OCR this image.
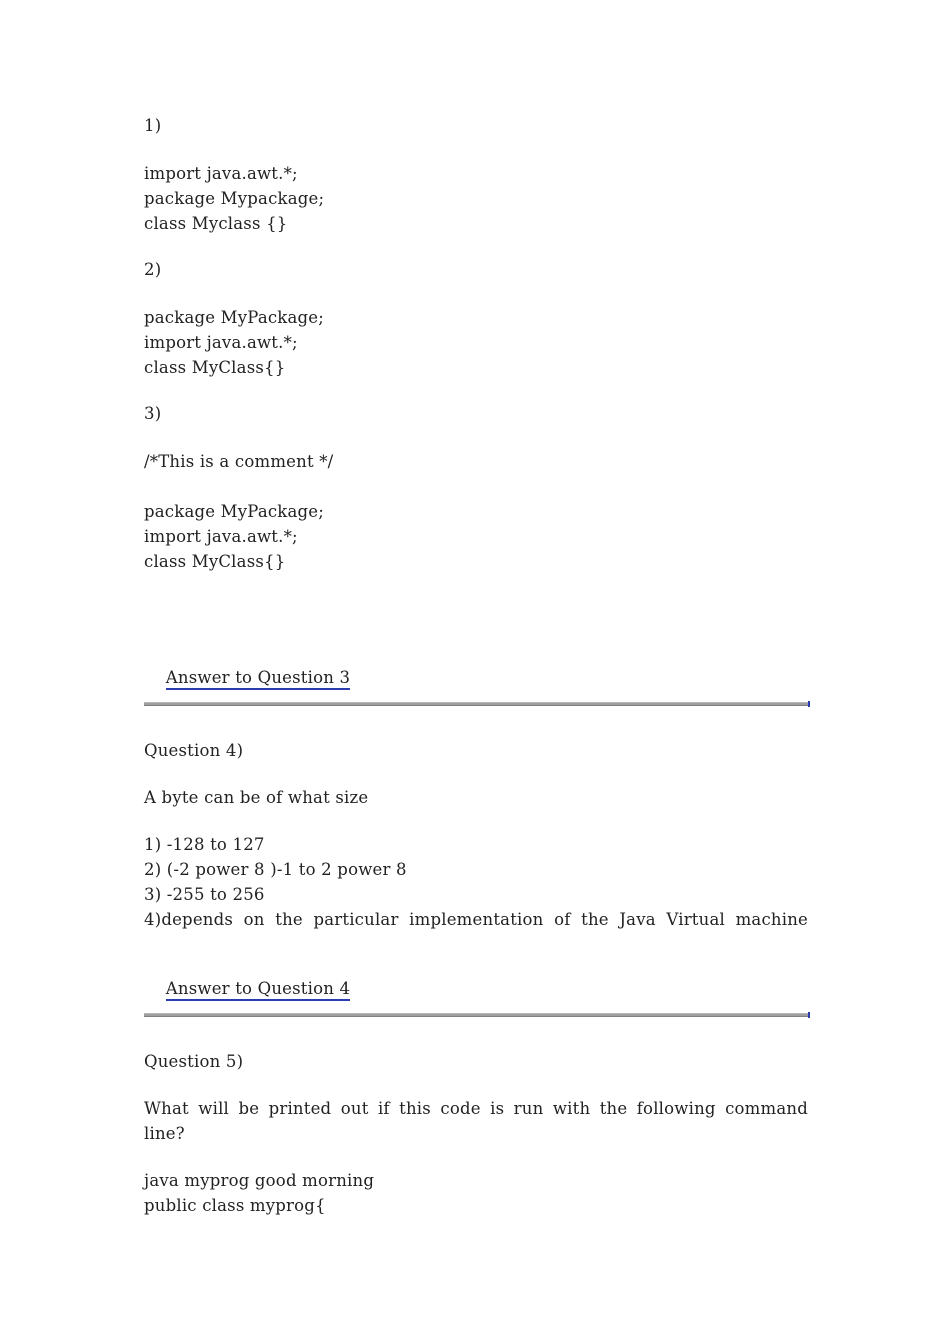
1)
import java.awt.*;
package Mypackage;
class Myclass {}
2)
package MyPackage;
import java.awt.*;
class MyClass{}
3)
/*This is a comment */
package MyPackage;
import java.awt.*;
class MyClass{}

Answer to Question 3

Question 4)
A byte can be of what size
1) -128 to 127
2) (-2 power 8 )-1 to 2 power 8
3) -255 to 256
4)depends on the particular implementation of the Java Virtual machine

Answer to Question 4

Question 5)
What will be printed out if this code is run with the following command
line?
java myprog good morning
public class myprog{
